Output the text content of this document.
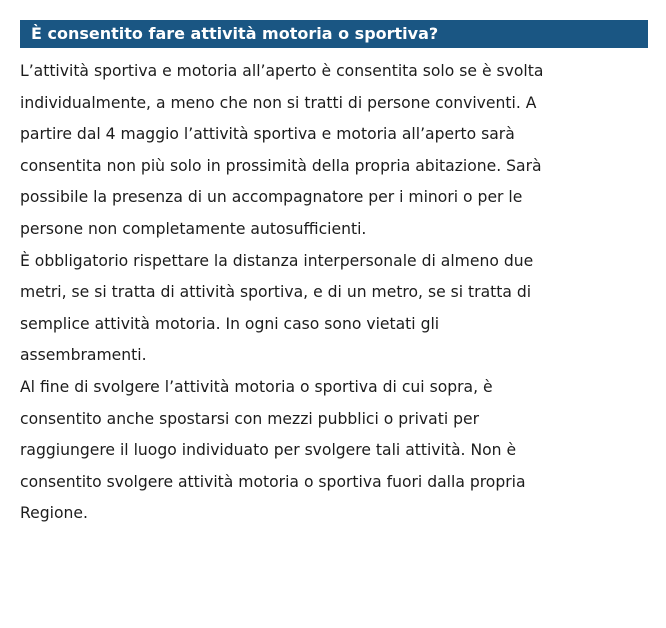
È consentito fare attività motoria o sportiva?

L’attività sportiva e motoria all’aperto è consentita solo se è svolta
individualmente, a meno che non si tratti di persone conviventi. A
partire dal 4 maggio l’attività sportiva e motoria all’aperto sarà
consentita non più solo in prossimità della propria abitazione. Sarà
possibile la presenza di un accompagnatore per i minori o per le
persone non completamente autosufficienti.

È obbligatorio rispettare la distanza interpersonale di almeno due
metri, se si tratta di attività sportiva, e di un metro, se si tratta di
semplice attività motoria. In ogni caso sono vietati gli
assembramenti.

Al fine di svolgere l’attività motoria o sportiva di cui sopra, è
consentito anche spostarsi con mezzi pubblici o privati per
raggiungere il luogo individuato per svolgere tali attività. Non è
consentito svolgere attività motoria o sportiva fuori dalla propria
Regione.
